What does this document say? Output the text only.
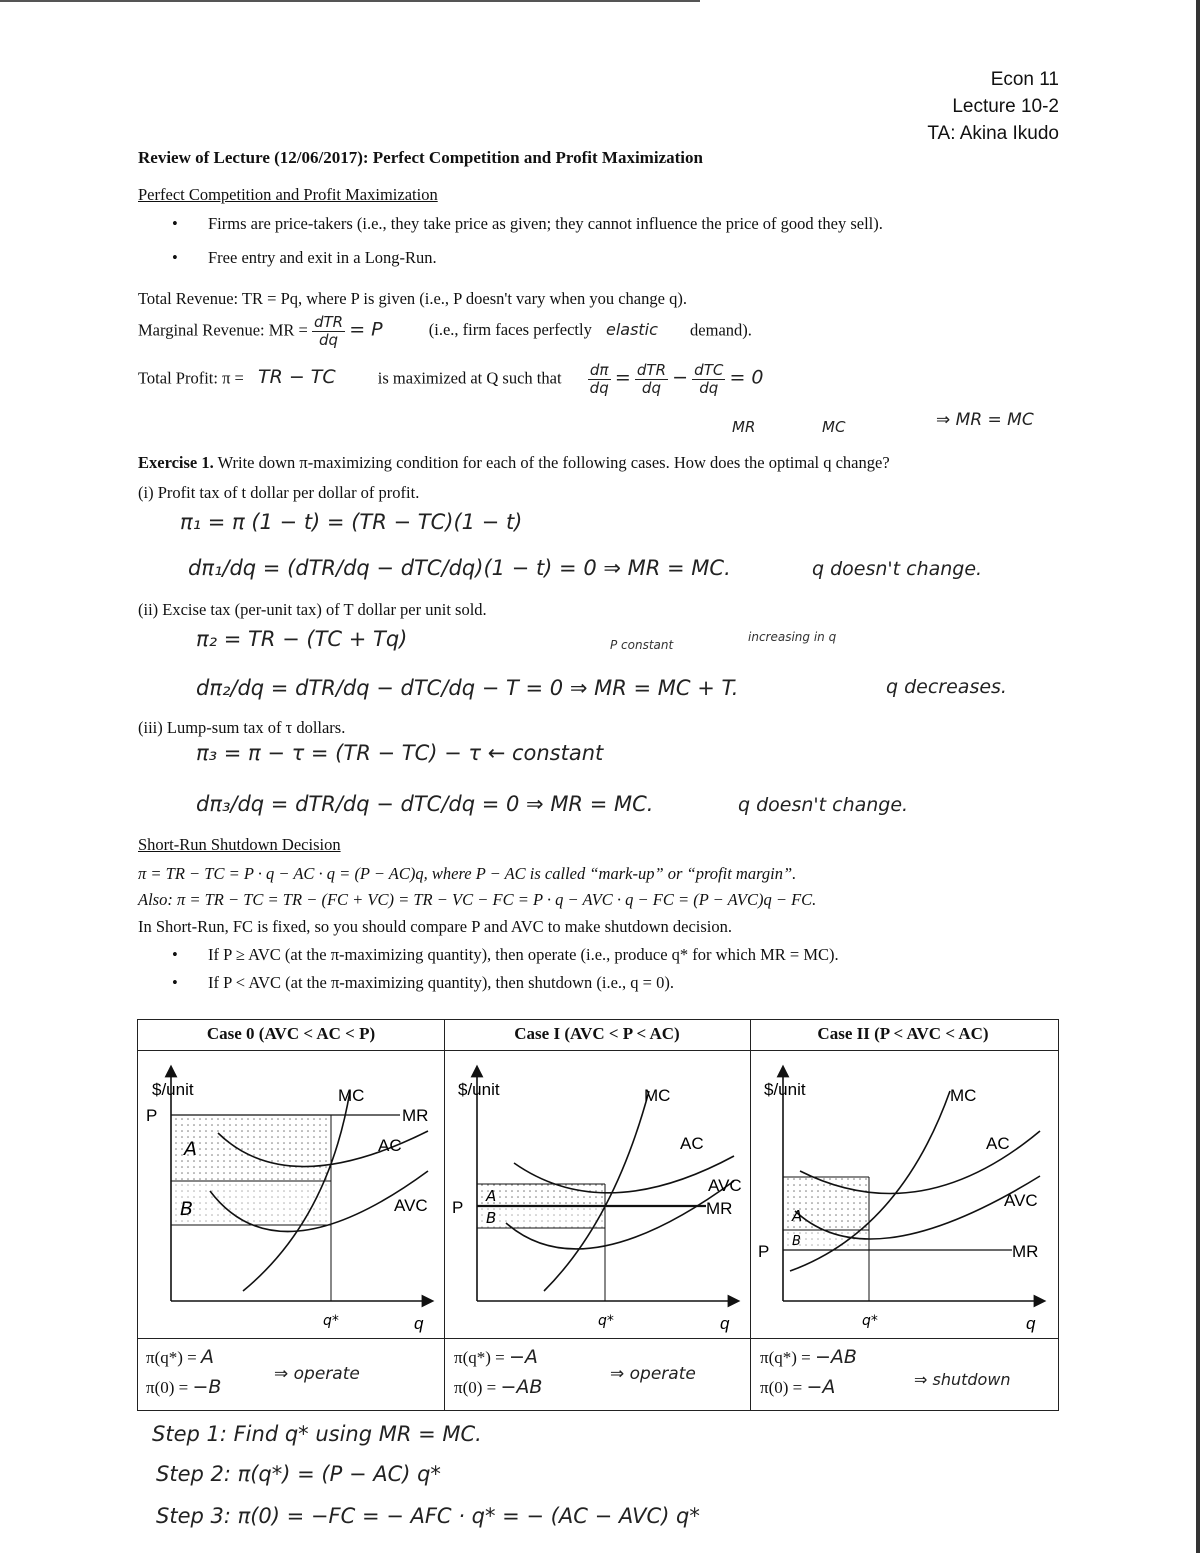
Econ 11
Lecture 10-2
TA: Akina Ikudo
Review of Lecture (12/06/2017): Perfect Competition and Profit Maximization
Perfect Competition and Profit Maximization
• Firms are price-takers (i.e., they take price as given; they cannot influence the price of good they sell).
• Free entry and exit in a Long-Run.
Total Revenue: TR = Pq, where P is given (i.e., P doesn't vary when you change q).
Marginal Revenue: MR = $\frac{\text{dTR}}{dq} = P$	(i.e., firm faces perfectly elastic demand).
Total Profit: π = TR − TC	is maximized at Q such that $\frac{d\pi}{dq} = \frac{\text{dTR}}{dq} - \frac{\text{dTC}}{dq} = 0$
MR	MC	⇒ MR = MC
Exercise 1. Write down π-maximizing condition for each of the following cases. How does the optimal q change?
(i) Profit tax of t dollar per dollar of profit.
π₁ = π (1 − t) = (TR − TC)(1 − t)
dπ₁/dq = (dTR/dq − dTC/dq)(1 − t) = 0 ⇒ MR = MC.	q doesn't change.
(ii) Excise tax (per-unit tax) of T dollar per unit sold.
π₂ = TR − (TC + Tq)	P constant
increasing in q
dπ₂/dq = dTR/dq − dTC/dq − T = 0 ⇒ MR = MC + T.	q decreases.
(iii) Lump-sum tax of τ dollars.
π₃ = π − τ = (TR − TC) − τ ← constant
dπ₃/dq = dTR/dq − dTC/dq = 0 ⇒ MR = MC.	q doesn't change.
Short-Run Shutdown Decision
π = TR − TC = P · q − AC · q = (P − AC)q, where P − AC is called “mark-up” or “profit margin”.
Also: π = TR − TC = TR − (FC + VC) = TR − VC − FC = P · q − AVC · q − FC = (P − AVC)q − FC.
In Short-Run, FC is fixed, so you should compare P and AVC to make shutdown decision.
• If P ≥ AVC (at the π-maximizing quantity), then operate (i.e., produce q* for which MR = MC).
• If P < AVC (at the π-maximizing quantity), then shutdown (i.e., q = 0).
Case 0 (AVC < AC < P)	Case I (AVC < P < AC)	Case II (P < AVC < AC)
$/unit
P
MC
MR
AC
AVC
A
B
q*	q
$/unit
P
MC
AC
AVC
MR
A
B
q*	q
$/unit
P
MC
AC
AVC
MR
A
B
q*	q
π(q*) = A
π(0) = −B
⇒ operate
π(q*) = −A
π(0) = −AB
⇒ operate
π(q*) = −AB
π(0) = −A	⇒ shutdown
Step 1: Find q* using MR = MC.
Step 2: π(q*) = (P − AC) q*
Step 3: π(0) = −FC = − AFC · q* = − (AC − AVC) q*
